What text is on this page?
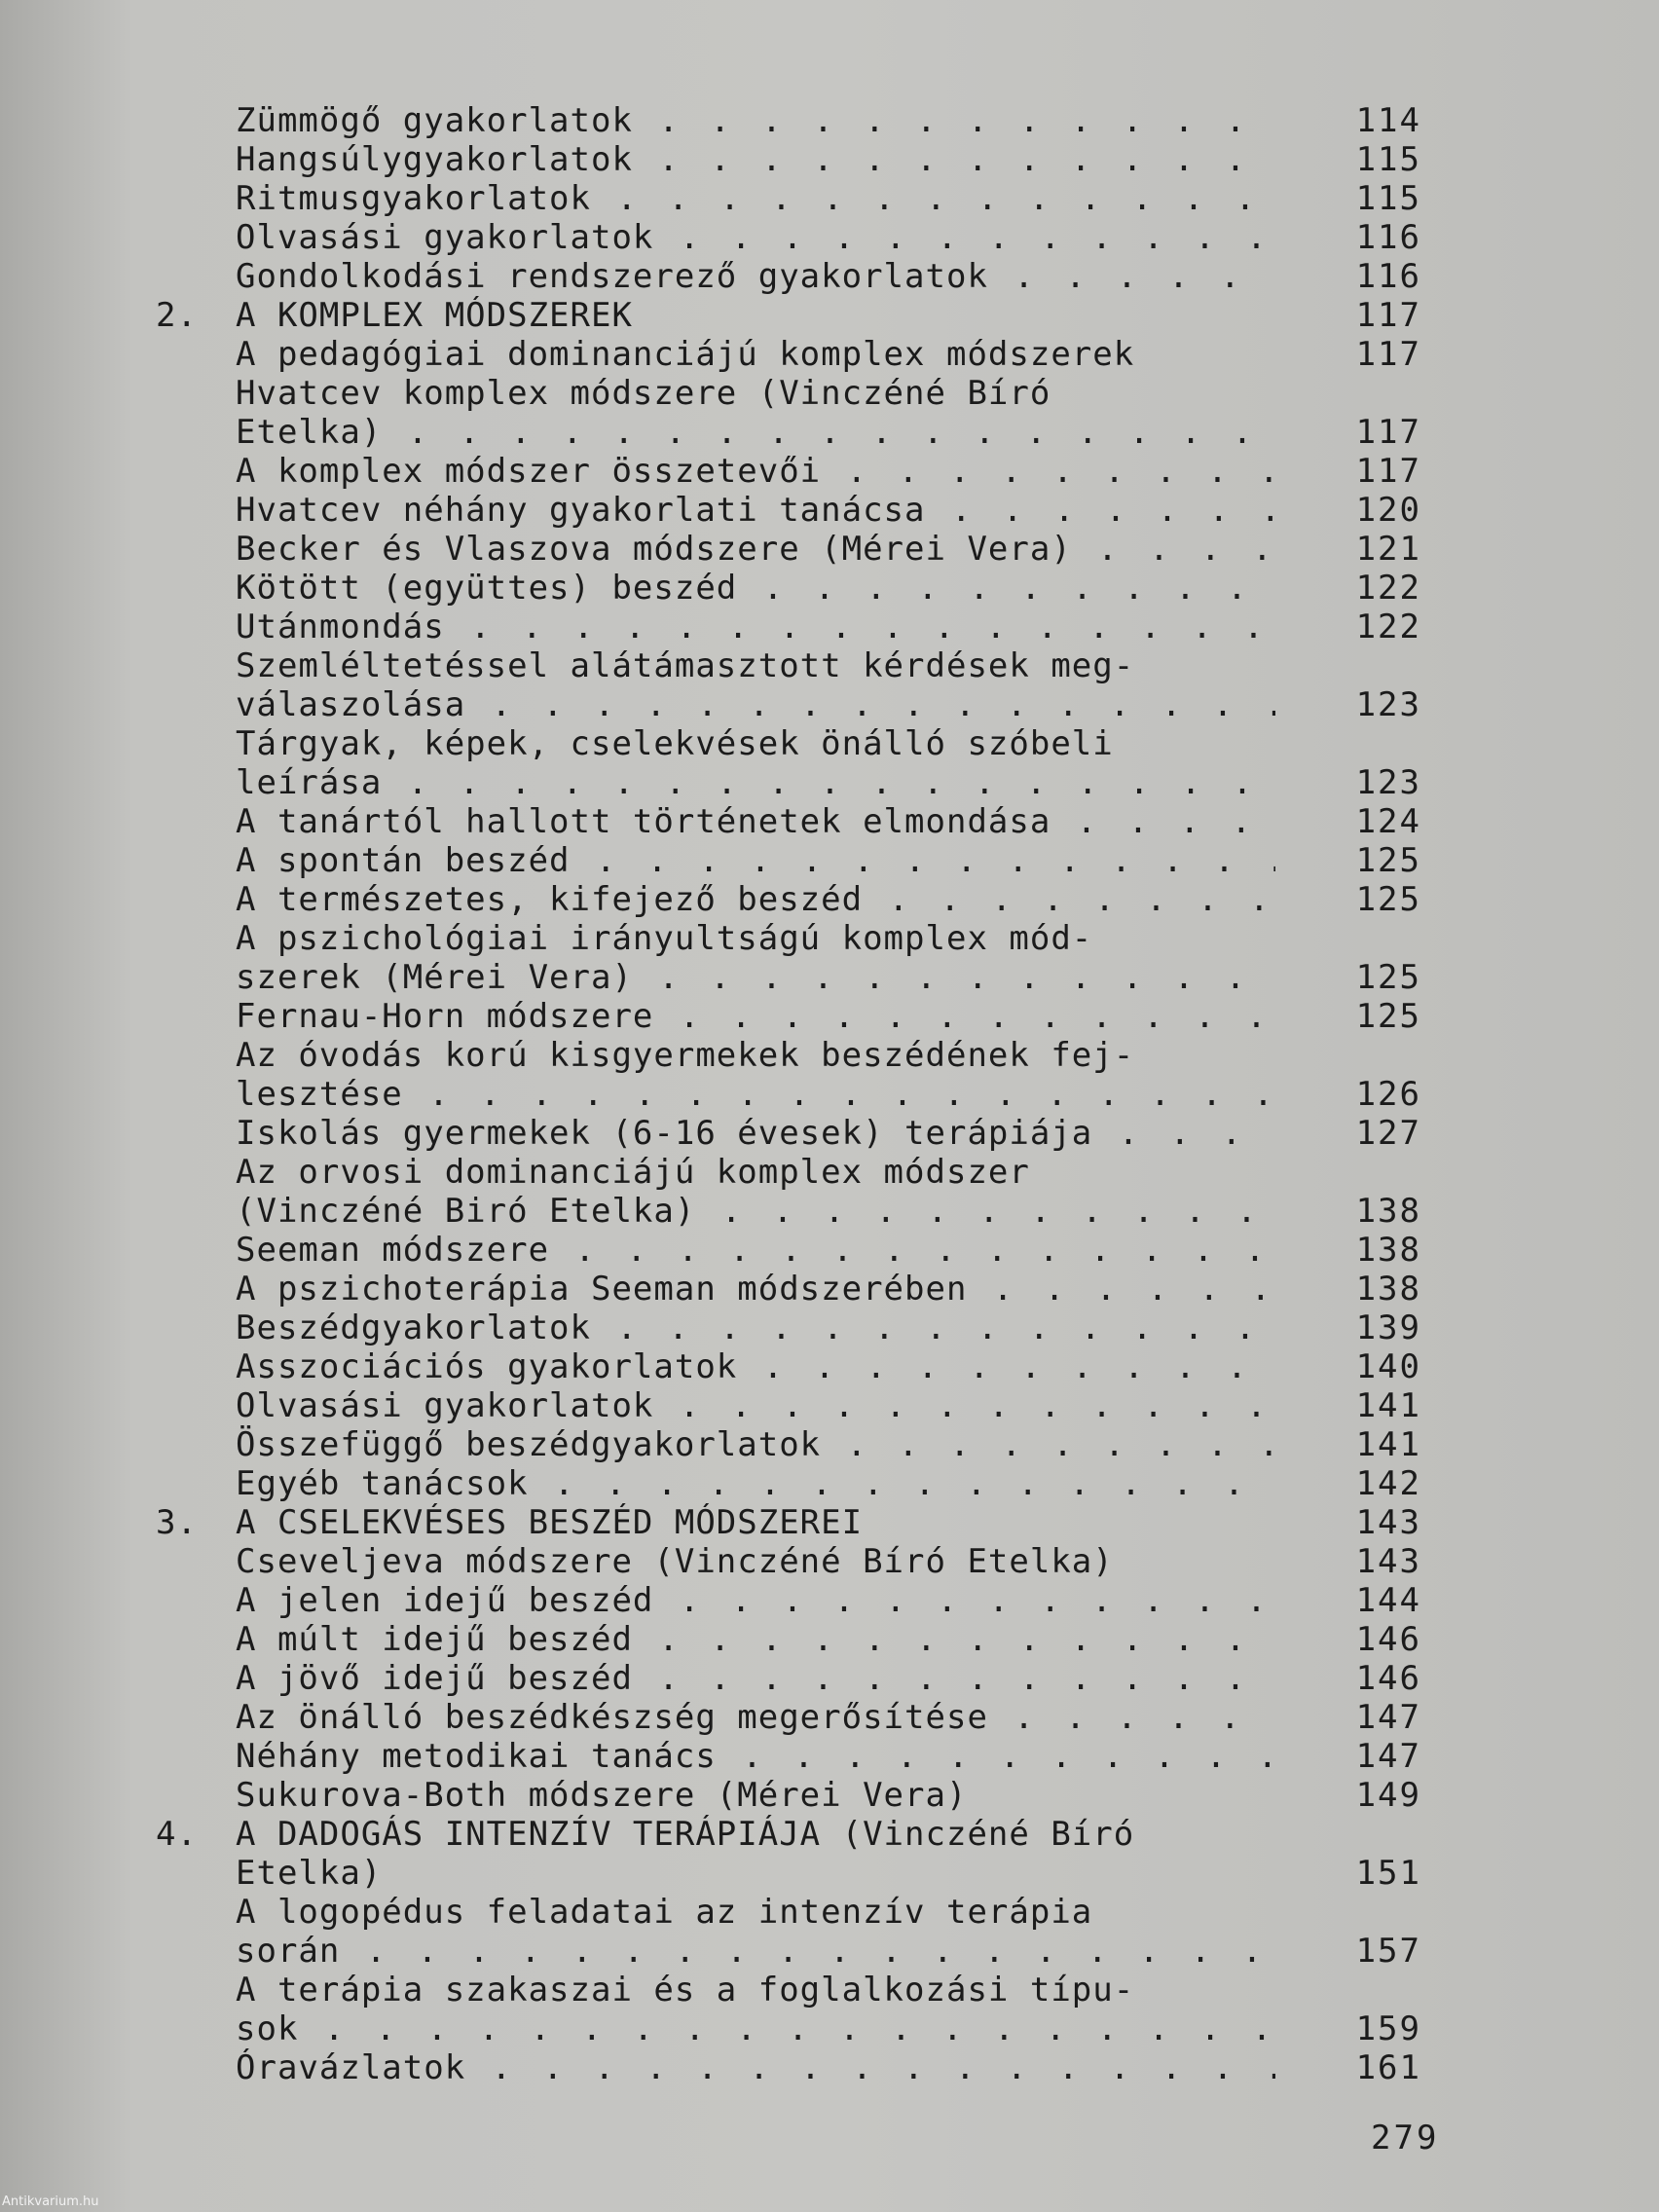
Zümmögő gyakorlatok . . .	114
Hangsúlygyakorlatok . . .	115
Ritmusgyakorlatok . . .	115
Olvasási gyakorlatok . . .	116
Gondolkodási rendszerező gyakorlatok . . .	116
2.	A KOMPLEX MÓDSZEREK	117
A pedagógiai dominanciájú komplex módszerek	117
Hvatcev komplex módszere (Vinczéné Bíró
Etelka) . . .	117
A komplex módszer összetevői . . .	117
Hvatcev néhány gyakorlati tanácsa . . .	120
Becker és Vlaszova módszere (Mérei Vera) . . .	121
Kötött (együttes) beszéd . . .	122
Utánmondás . . .	122
Szemléltetéssel alátámasztott kérdések meg-
válaszolása . . .	123
Tárgyak, képek, cselekvések önálló szóbeli
leírása . . .	123
A tanártól hallott történetek elmondása . . .	124
A spontán beszéd . . .	125
A természetes, kifejező beszéd . . .	125
A pszichológiai irányultságú komplex mód-
szerek (Mérei Vera) . . .	125
Fernau-Horn módszere . . .	125
Az óvodás korú kisgyermekek beszédének fej-
lesztése . . .	126
Iskolás gyermekek (6-16 évesek) terápiája . . .	127
Az orvosi dominanciájú komplex módszer
(Vinczéné Biró Etelka) . . .	138
Seeman módszere . . .	138
A pszichoterápia Seeman módszerében . . .	138
Beszédgyakorlatok . . .	139
Asszociációs gyakorlatok . . .	140
Olvasási gyakorlatok . . .	141
Összefüggő beszédgyakorlatok . . .	141
Egyéb tanácsok . . .	142
3.	A CSELEKVÉSES BESZÉD MÓDSZEREI	143
Cseveljeva módszere (Vinczéné Bíró Etelka)	143
A jelen idejű beszéd . . .	144
A múlt idejű beszéd . . .	146
A jövő idejű beszéd . . .	146
Az önálló beszédkészség megerősítése . . .	147
Néhány metodikai tanács . . .	147
Sukurova-Both módszere (Mérei Vera)	149
4.	A DADOGÁS INTENZÍV TERÁPIÁJA (Vinczéné Bíró
Etelka)	151
A logopédus feladatai az intenzív terápia
során . . .	157
A terápia szakaszai és a foglalkozási típu-
sok . . .	159
Óravázlatok . . .	161
279
Antikvarium.hu
